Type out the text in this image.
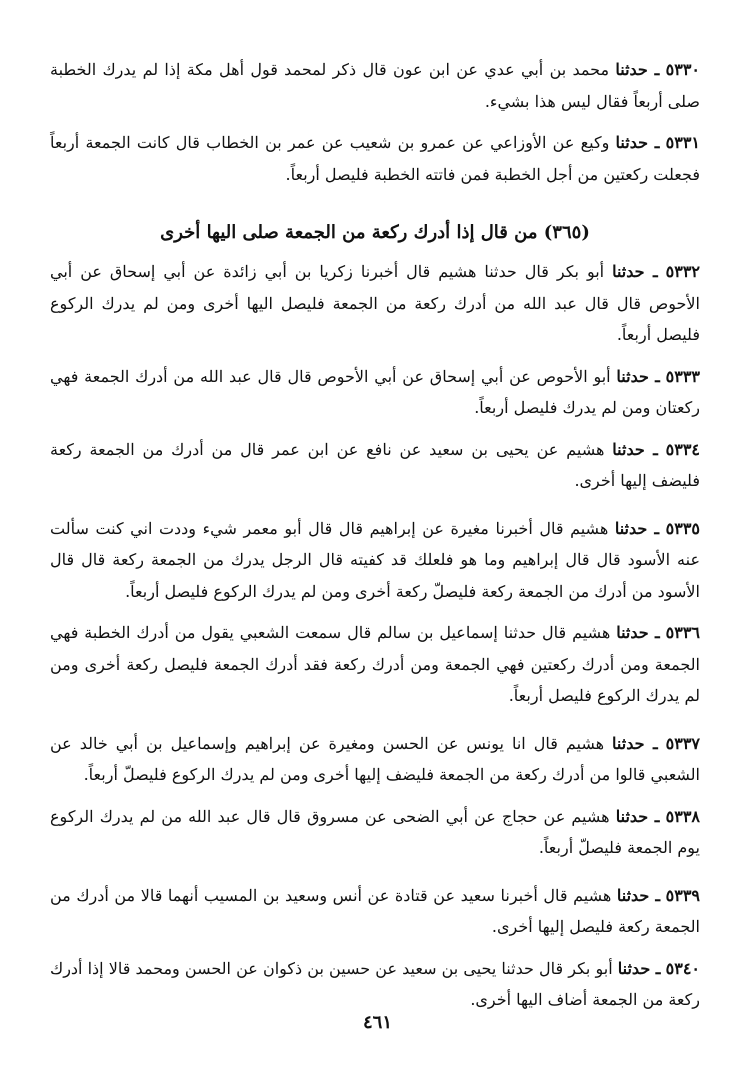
٥٣٣٠ ـ حدثنا محمد بن أبي عدي عن ابن عون قال ذكر لمحمد قول أهل مكة إذا لم يدرك الخطبة صلى أربعاً فقال ليس هذا بشيء.

٥٣٣١ ـ حدثنا وكيع عن الأوزاعي عن عمرو بن شعيب عن عمر بن الخطاب قال كانت الجمعة أربعاً فجعلت ركعتين من أجل الخطبة فمن فاتته الخطبة فليصل أربعاً.

(٣٦٥) من قال إذا أدرك ركعة من الجمعة صلى اليها أخرى

٥٣٣٢ ـ حدثنا أبو بكر قال حدثنا هشيم قال أخبرنا زكريا بن أبي زائدة عن أبي إسحاق عن أبي الأحوص قال قال عبد الله من أدرك ركعة من الجمعة فليصل اليها أخرى ومن لم يدرك الركوع فليصل أربعاً.

٥٣٣٣ ـ حدثنا أبو الأحوص عن أبي إسحاق عن أبي الأحوص قال قال عبد الله من أدرك الجمعة فهي ركعتان ومن لم يدرك فليصل أربعاً.

٥٣٣٤ ـ حدثنا هشيم عن يحيى بن سعيد عن نافع عن ابن عمر قال من أدرك من الجمعة ركعة فليضف إليها أخرى.

٥٣٣٥ ـ حدثنا هشيم قال أخبرنا مغيرة عن إبراهيم قال قال أبو معمر شيء وددت اني كنت سألت عنه الأسود قال قال إبراهيم وما هو فلعلك قد كفيته قال الرجل يدرك من الجمعة ركعة قال قال الأسود من أدرك من الجمعة ركعة فليصلّ ركعة أخرى ومن لم يدرك الركوع فليصل أربعاً.

٥٣٣٦ ـ حدثنا هشيم قال حدثنا إسماعيل بن سالم قال سمعت الشعبي يقول من أدرك الخطبة فهي الجمعة ومن أدرك ركعتين فهي الجمعة ومن أدرك ركعة فقد أدرك الجمعة فليصل ركعة أخرى ومن لم يدرك الركوع فليصل أربعاً.

٥٣٣٧ ـ حدثنا هشيم قال انا يونس عن الحسن ومغيرة عن إبراهيم وإسماعيل بن أبي خالد عن الشعبي قالوا من أدرك ركعة من الجمعة فليضف إليها أخرى ومن لم يدرك الركوع فليصلّ أربعاً.

٥٣٣٨ ـ حدثنا هشيم عن حجاج عن أبي الضحى عن مسروق قال قال عبد الله من لم يدرك الركوع يوم الجمعة فليصلّ أربعاً.

٥٣٣٩ ـ حدثنا هشيم قال أخبرنا سعيد عن قتادة عن أنس وسعيد بن المسيب أنهما قالا من أدرك من الجمعة ركعة فليصل إليها أخرى.

٥٣٤٠ ـ حدثنا أبو بكر قال حدثنا يحيى بن سعيد عن حسين بن ذكوان عن الحسن ومحمد قالا إذا أدرك ركعة من الجمعة أضاف اليها أخرى.

٤٦١
